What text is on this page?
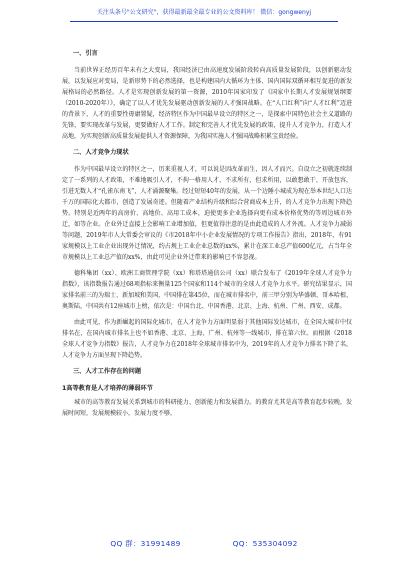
关注头条号"公文研究"，获得最新最全最专业的公文资料库！ 微信：gongwenyj
一、引言

当前世界正经历百年未有之大变局，我国经济已由高速度发展阶段转向高质量发展阶段，以创新驱动发展，以发展应对变局，是新形势下的必然选择，也是构建国内大循环为主体、国内国际双循环相互促进的新发展格局的必然路径。人才是实现创新发展的第一资源，2010年国家印发了《国家中长期人才发展规划纲要（2010-2020年）》，确定了以人才优先发展驱动创新发展的人才强国战略。在“人口红利”向“人才红利”迈进的背景下，人才的重要性毋庸置疑，经济特区作为中国最早设立的特区之一，是探索中国特色社会主义道路的先锋，要实现改革与发展，更要做好人才工作。制定和完善人才优先发展的政策，提升人才竞争力，打造人才高地，为实现创新高质量发展提供人才资源保障，为我国实施人才强国战略积累宝贵经验。

二、人才竞争力现状

作为中国最早设立的特区之一，历来重视人才，可以说是因改革而生，因人才而兴。自设立之初就连续制定了一系列的人才政策，不难地吸引人才，不拘一格用人才，不求所有，但求所用，以敢想敢干、开放包容，引进无数人才“孔雀东南飞”，人才涌源聚集。经过短短40年的发展，从一个边陲小城成为现在举本世纪人口达千万的国际化大都市，创造了发展奇迹。但随着产业结构升级和综合营商成本上升，的人才竞争力出现下降趋势。特别是近两年的高房价、高地价、高用工成本，迫使更多企业选择向更有成本价格优势的等周边城市外迁，如等企业。企业外迁直接上会影响工业增加值，但更值得注意的是由此造成的人才外流。人才竞争力减弱等问题，2019年市人大常委会审议的《市2018年中小企业发展情况的专项工作报告》指出，2018年，有91家规模以上工业企业出现外迁情况，约占规上工业企业总数的xx%，累计在深工业总产值600亿元，占当年全市规模以上工业总产值的xx%，由此可见企业外迁带来的影响已不容忽视。

德科集团（xx）、欧洲工商管理学院（xx）和塔塔通信公司（xx）联合发布了《2019年全球人才竞争力指数》，该指数报告通过68项指标来衡量125个国家和114个城市的全球人才竞争力水平。研究结果显示，国家排名前三的为瑞士、新加坡和美国，中国排在第45位，而在城市排名中，前三甲分别为华盛顿、哥本哈根、奥斯陆，中国共有12座城市上榜，依次是：中国台北、中国香港、北京、上海、杭州、广州、西安、成都。

由此可见，作为新崛起的国际化城市，在人才竞争力方面明显弱于其他国际发达城市，在全国大城市中仅排名在，在国内城市排名上也不如香港、北京、上海、广州、杭州等一线城市，排在第六位。而根据《2018全球人才竞争力指数》报告，人才竞争力在2018年全球城市排名中为，2019年的人才竞争力排名下降了名，人才竞争力方面呈现下降趋势。

三、人才工作存在的问题
1高等教育是人才培养的薄弱环节

城市的高等教育发展关系到城市的科研能力、创新能力和发展潜力。的教育尤其是高等教育起步较晚，发展时间短，发展规模较小，发展力度不够，

QQ 群：31991489	QQ：535304092
